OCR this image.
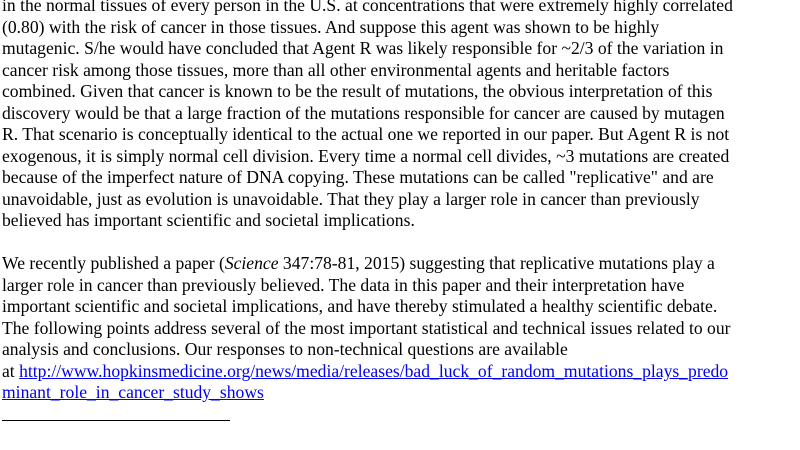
in the normal tissues of every person in the U.S. at concentrations that were extremely highly correlated
(0.80) with the risk of cancer in those tissues. And suppose this agent was shown to be highly
mutagenic. S/he would have concluded that Agent R was likely responsible for ~2/3 of the variation in
cancer risk among those tissues, more than all other environmental agents and heritable factors
combined. Given that cancer is known to be the result of mutations, the obvious interpretation of this
discovery would be that a large fraction of the mutations responsible for cancer are caused by mutagen
R. That scenario is conceptually identical to the actual one we reported in our paper. But Agent R is not
exogenous, it is simply normal cell division. Every time a normal cell divides, ~3 mutations are created
because of the imperfect nature of DNA copying. These mutations can be called "replicative" and are
unavoidable, just as evolution is unavoidable. That they play a larger role in cancer than previously
believed has important scientific and societal implications.
We recently published a paper (Science 347:78-81, 2015) suggesting that replicative mutations play a
larger role in cancer than previously believed. The data in this paper and their interpretation have
important scientific and societal implications, and have thereby stimulated a healthy scientific debate.
The following points address several of the most important statistical and technical issues related to our
analysis and conclusions. Our responses to non-technical questions are available
at http://www.hopkinsmedicine.org/news/media/releases/bad_luck_of_random_mutations_plays_predo
minant_role_in_cancer_study_shows
